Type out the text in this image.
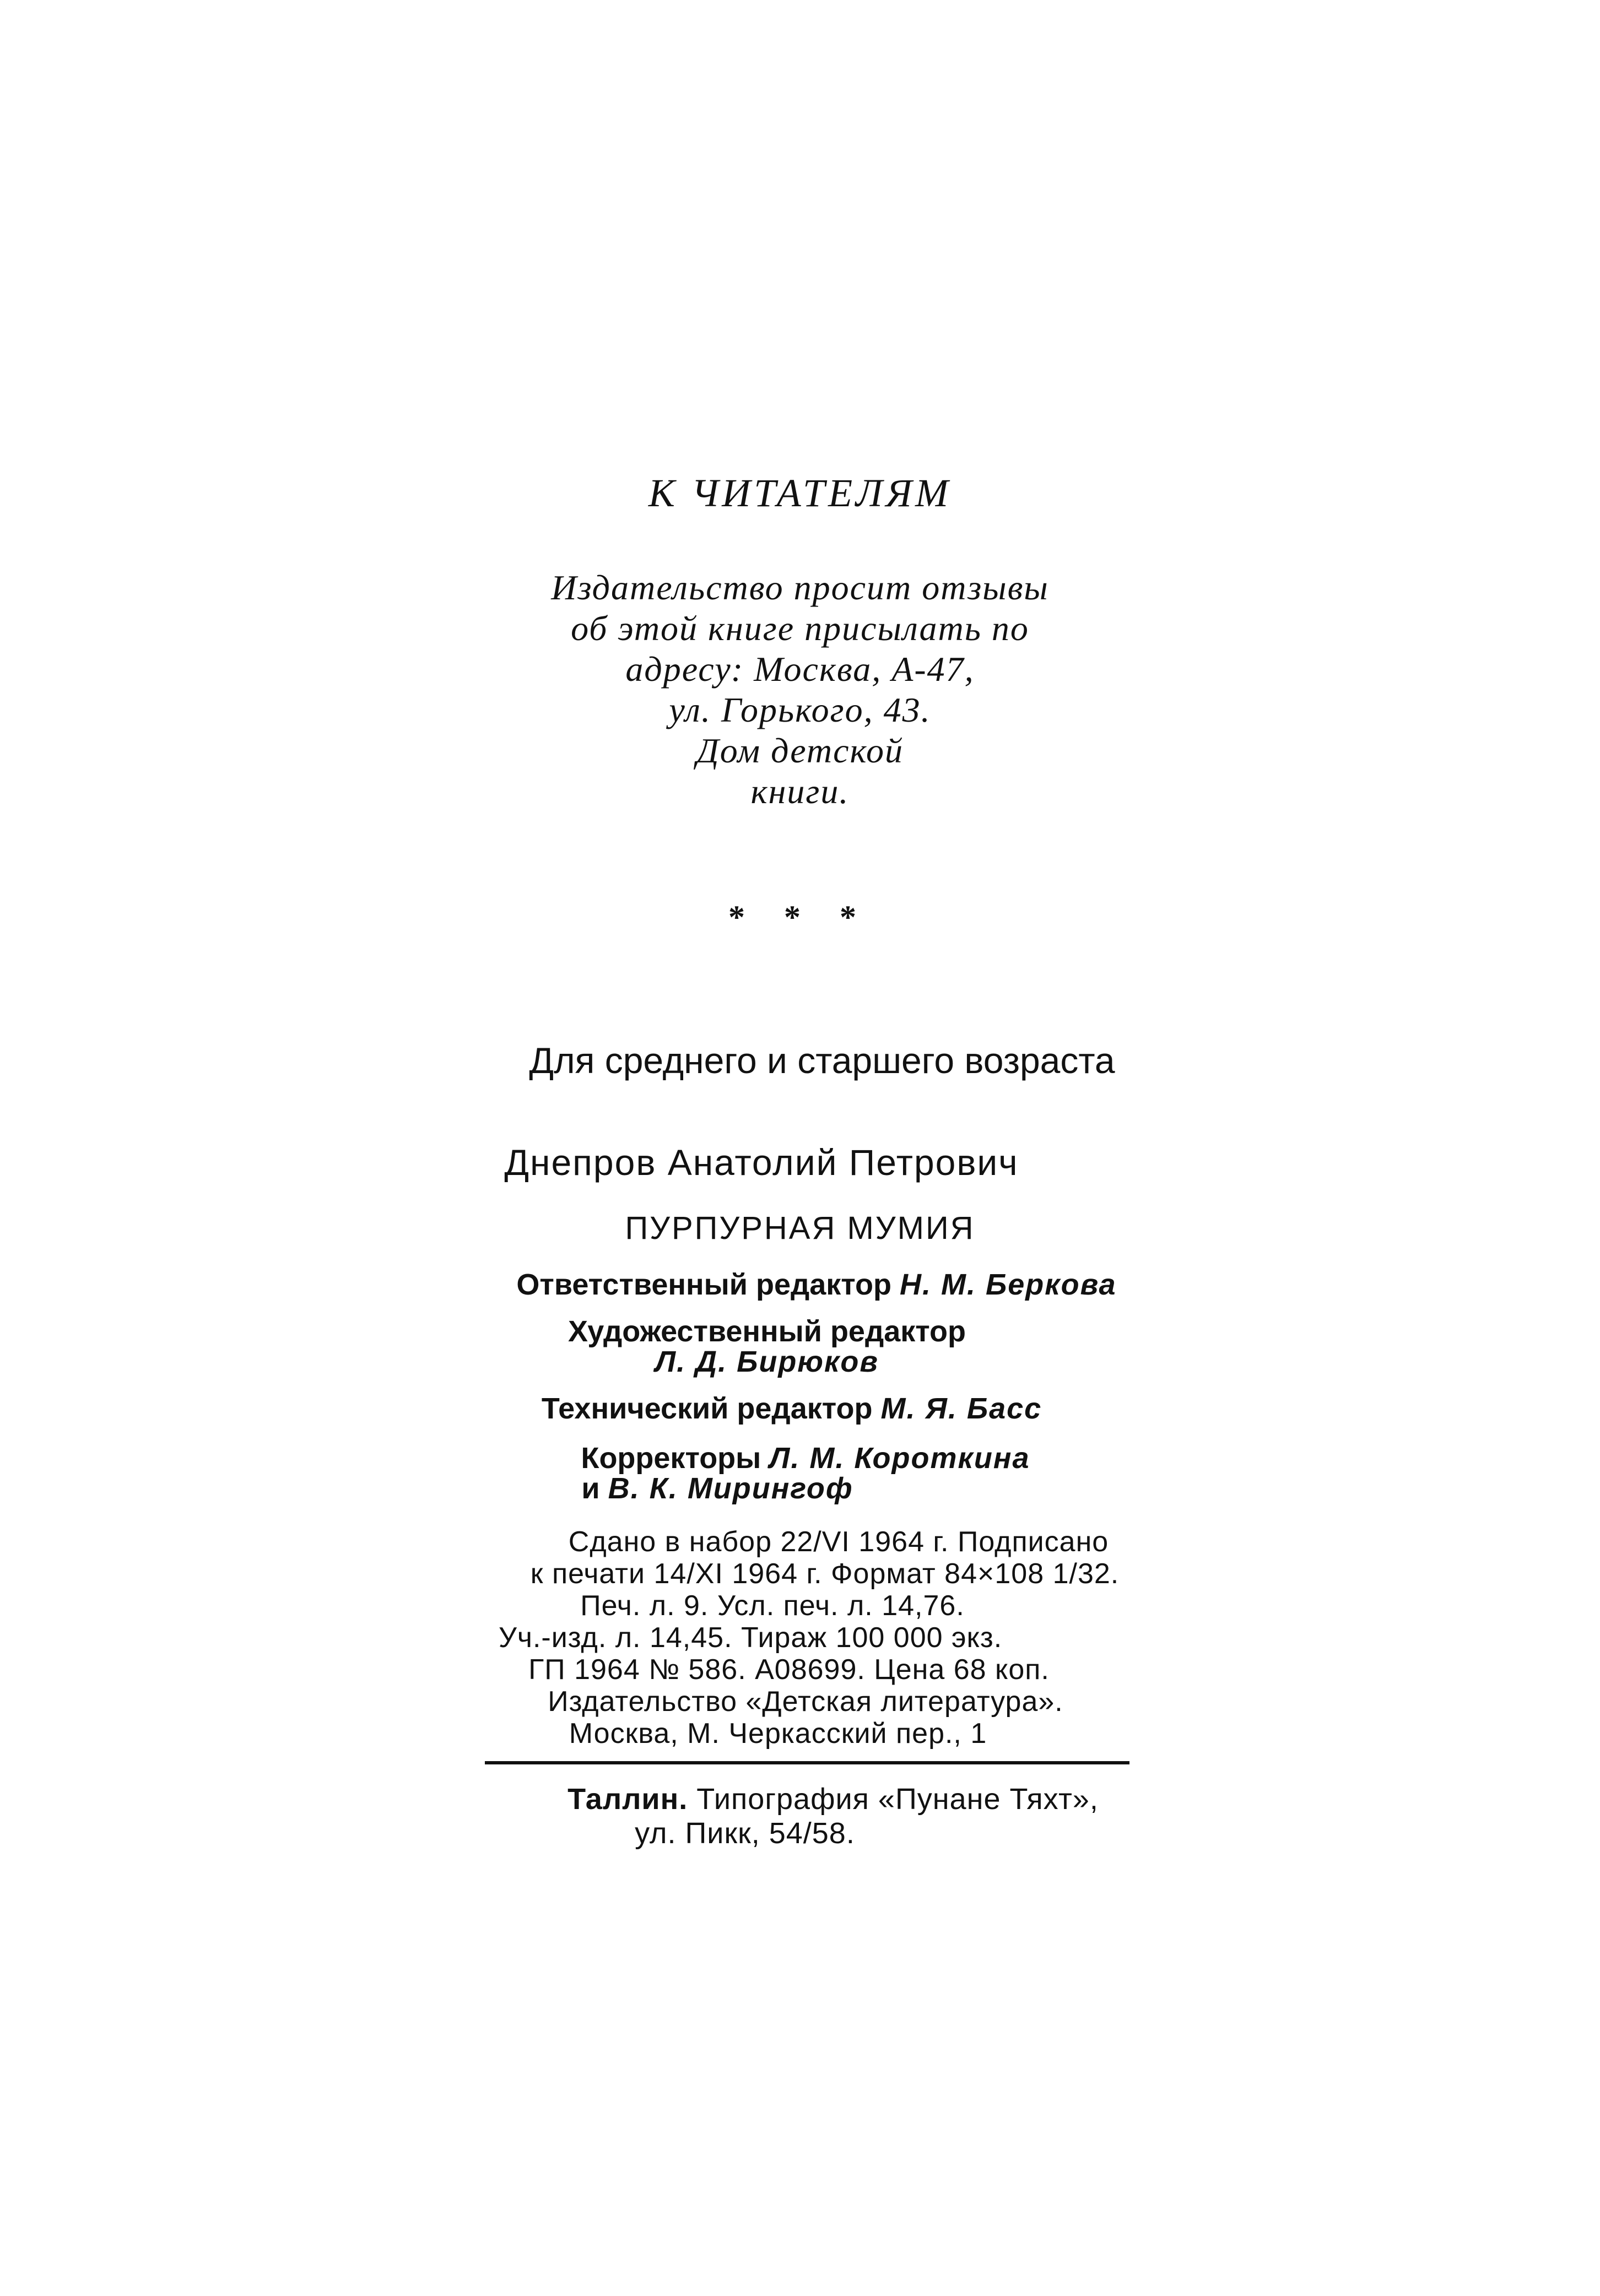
К ЧИТАТЕЛЯМ
Издательство просит отзывы
об этой книге присылать по
адресу: Москва, А-47,
ул. Горького, 43.
Дом детской
книги.
* * *
Для среднего и старшего возраста
Днепров Анатолий Петрович
ПУРПУРНАЯ МУМИЯ
Ответственный редактор Н. М. Беркова
Художественный редактор
Л. Д. Бирюков
Технический редактор М. Я. Басс
Корректоры Л. М. Короткина
и В. К. Мирингоф
Сдано в набор 22/VI 1964 г. Подписано
к печати 14/XI 1964 г. Формат 84×108 1/32.
Печ. л. 9. Усл. печ. л. 14,76.
Уч.-изд. л. 14,45. Тираж 100 000 экз.
ГП 1964 № 586. А08699. Цена 68 коп.
Издательство «Детская литература».
Москва, М. Черкасский пер., 1
Таллин. Типография «Пунане Тяхт»,
ул. Пикк, 54/58.
